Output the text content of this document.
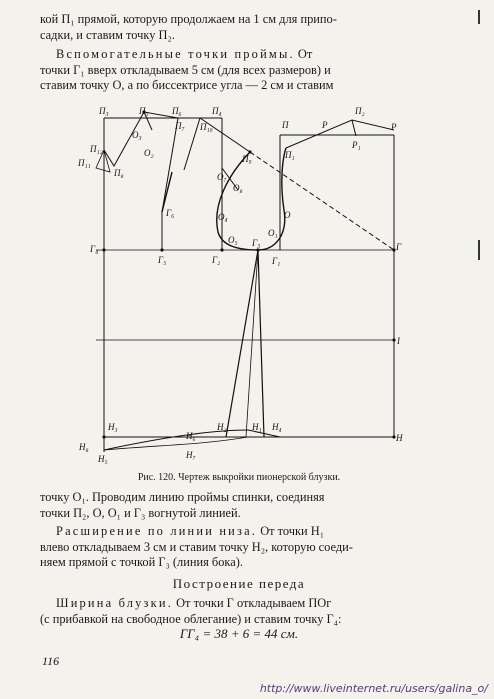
кой П₁ прямой, которую продолжаем на 1 см для припо-
садки, и ставим точку П₂.
Вспомогательные точки проймы. От
точки Г₁ вверх откладываем 5 см (для всех размеров) и
ставим точку О, а по биссектрисе угла — 2 см и ставим
П₃	П₅	П₆	П₄
О₃
П₇ П₁₀
О₂
П₁₂
П₁₁
П₈
П₉
О₇
О₈
Г₆	О₄
О₅ Г₃
О₁
О
П
П₁
П₂
Р
Р₁
Р
Г₄
Г₅	Г₂	Г₁
Г
I
Н₃	Н₂	Н₁ Н₄
Н₆
Н₈
Н₅	Н₇
Н
Рис. 120. Чертеж выкройки пионерской блузки.
точку О₁. Проводим линию проймы спинки, соединяя
точки П₂, О, О₁ и Г₃ вогнутой линией.
Расширение по линии низа. От точки Н₁
влево откладываем 3 см и ставим точку Н₂, которую соеди-
няем прямой с точкой Г₃ (линия бока).
Построение переда
Ширина блузки. От точки Г откладываем ПОг
(с прибавкой на свободное облегание) и ставим точку Г₄:
ГГ₄ = 38 + 6 = 44 см.
116
http://www.liveinternet.ru/users/galina_o/
